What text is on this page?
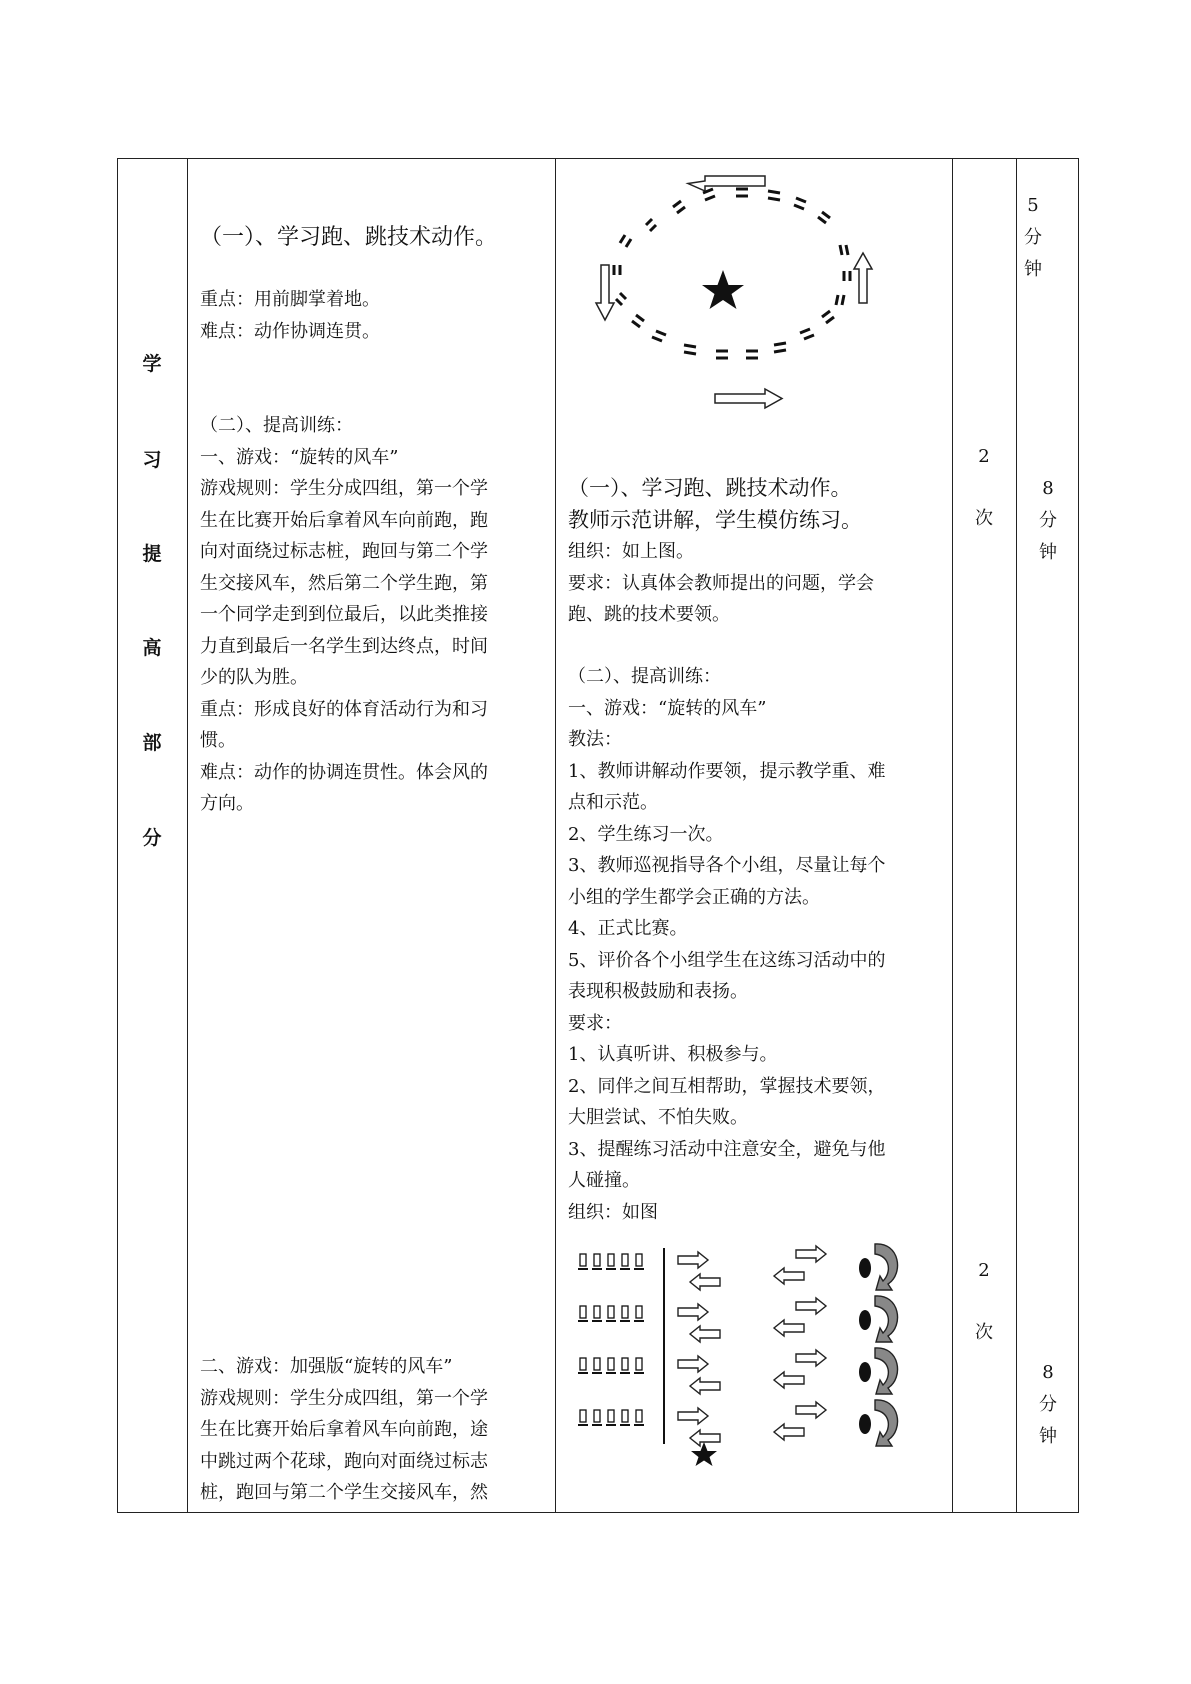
学
习
提
高
部
分
（一）、学习跑、跳技术动作。

重点：用前脚掌着地。

难点：动作协调连贯。

（二）、提高训练：

一、游戏：“旋转的风车”

游戏规则：学生分成四组，第一个学

生在比赛开始后拿着风车向前跑，跑

向对面绕过标志桩，跑回与第二个学

生交接风车，然后第二个学生跑，第

一个同学走到到位最后，以此类推接

力直到最后一名学生到达终点，时间

少的队为胜。

重点：形成良好的体育活动行为和习

惯。

难点：动作的协调连贯性。体会风的

方向。

二、游戏：加强版“旋转的风车”

游戏规则：学生分成四组，第一个学

生在比赛开始后拿着风车向前跑，途

中跳过两个花球，跑向对面绕过标志

桩，跑回与第二个学生交接风车，然

（一）、学习跑、跳技术动作。

教师示范讲解，学生模仿练习。

组织：如上图。

要求：认真体会教师提出的问题，学会

跑、跳的技术要领。

（二）、提高训练：

一、游戏：“旋转的风车”

教法：

1、教师讲解动作要领，提示教学重、难

点和示范。

2、学生练习一次。

3、教师巡视指导各个小组，尽量让每个

小组的学生都学会正确的方法。

4、正式比赛。

5、评价各个小组学生在这练习活动中的

表现积极鼓励和表扬。

要求：

1、认真听讲、积极参与。

2、同伴之间互相帮助，掌握技术要领，

大胆尝试、不怕失败。

3、提醒练习活动中注意安全，避免与他

人碰撞。

组织：如图

2

次

2

次

5

分

钟

8

分

钟

8

分

钟
